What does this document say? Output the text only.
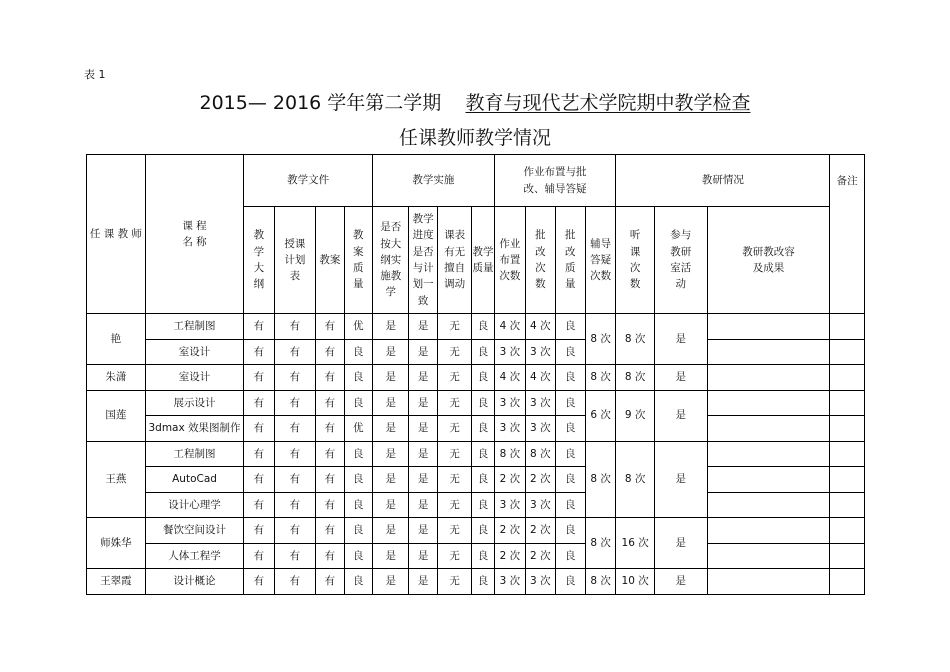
表 1
2015— 2016 学年第二学期 教育与现代艺术学院期中教学检查
任课教师教学情况
任 课 教 师	课 程 名 称	教学文件				教学实施				作业布置与批改、辅导答疑				教研情况			备注
		教学大纲	授课计划表	教案	教案质量	是否按大纲实施教学	教学进度是否与计划一致	课表有无擅自调动	教学质量	作业布置次数	批改次数	批改质量	辅导答疑次数	听课次数	参与教研室活动	教研教改容及成果	
艳	工程制图	有	有	有	优	是	是	无	良	4 次	4 次	良	8 次	8 次	是		
	室设计	有	有	有	良	是	是	无	良	3 次	3 次	良					
朱潇	室设计	有	有	有	良	是	是	无	良	4 次	4 次	良	8 次	8 次	是		
国莲	展示设计	有	有	有	良	是	是	无	良	3 次	3 次	良	6 次	9 次	是		
	3dmax 效果图制作	有	有	有	优	是	是	无	良	3 次	3 次	良					
王燕	工程制图	有	有	有	良	是	是	无	良	8 次	8 次	良	8 次	8 次	是		
	AutoCad	有	有	有	良	是	是	无	良	2 次	2 次	良					
	设计心理学	有	有	有	良	是	是	无	良	3 次	3 次	良					
师姝华	餐饮空间设计	有	有	有	良	是	是	无	良	2 次	2 次	良	8 次	16 次	是		
	人体工程学	有	有	有	良	是	是	无	良	2 次	2 次	良					
王翠霞	设计概论	有	有	有	良	是	是	无	良	3 次	3 次	良	8 次	10 次	是		
